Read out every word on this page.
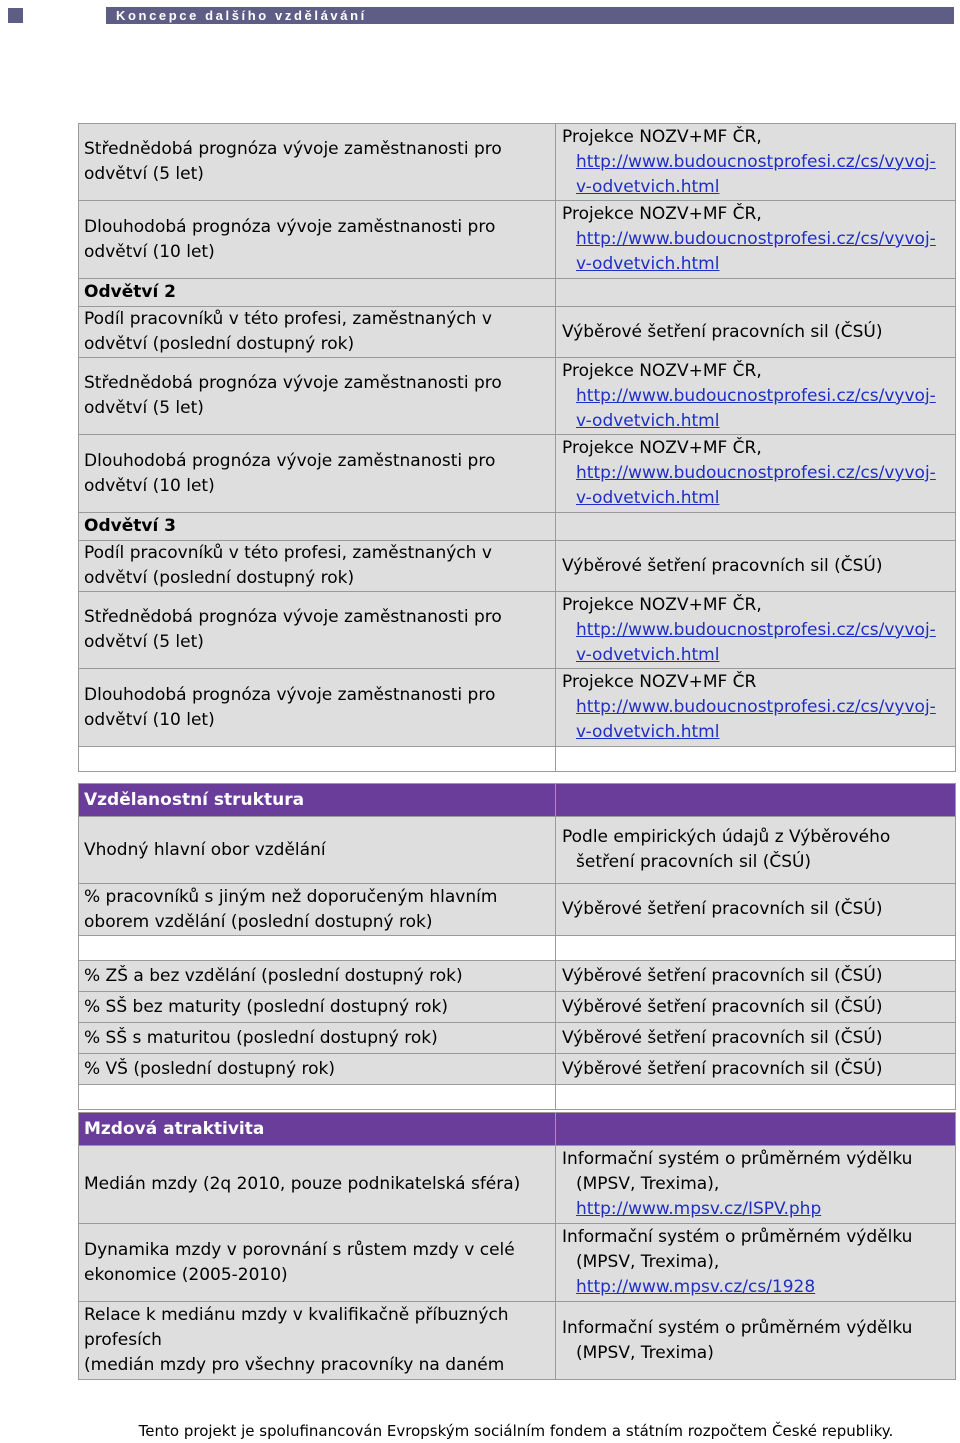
Koncepce dalšího vzdělávání
Střednědobá prognóza vývoje zaměstnanosti pro odvětví (5 let)	Projekce NOZV+MF ČR,
http://www.budoucnostprofesi.cz/cs/vyvoj-v-odvetvich.html
Dlouhodobá prognóza vývoje zaměstnanosti pro odvětví (10 let)	Projekce NOZV+MF ČR,
http://www.budoucnostprofesi.cz/cs/vyvoj-v-odvetvich.html
Odvětví 2	
Podíl pracovníků v této profesi, zaměstnaných v odvětví (poslední dostupný rok)	Výběrové šetření pracovních sil (ČSÚ)
Střednědobá prognóza vývoje zaměstnanosti pro odvětví (5 let)	Projekce NOZV+MF ČR,
http://www.budoucnostprofesi.cz/cs/vyvoj-v-odvetvich.html
Dlouhodobá prognóza vývoje zaměstnanosti pro odvětví (10 let)	Projekce NOZV+MF ČR,
http://www.budoucnostprofesi.cz/cs/vyvoj-v-odvetvich.html
Odvětví 3	
Podíl pracovníků v této profesi, zaměstnaných v odvětví (poslední dostupný rok)	Výběrové šetření pracovních sil (ČSÚ)
Střednědobá prognóza vývoje zaměstnanosti pro odvětví (5 let)	Projekce NOZV+MF ČR,
http://www.budoucnostprofesi.cz/cs/vyvoj-v-odvetvich.html
Dlouhodobá prognóza vývoje zaměstnanosti pro odvětví (10 let)	Projekce NOZV+MF ČR
http://www.budoucnostprofesi.cz/cs/vyvoj-v-odvetvich.html

Vzdělanostní struktura	
Vhodný hlavní obor vzdělání	Podle empirických údajů z Výběrového šetření pracovních sil (ČSÚ)
% pracovníků s jiným než doporučeným hlavním oborem vzdělání (poslední dostupný rok)	Výběrové šetření pracovních sil (ČSÚ)

% ZŠ a bez vzdělání (poslední dostupný rok)	Výběrové šetření pracovních sil (ČSÚ)
% SŠ bez maturity (poslední dostupný rok)	Výběrové šetření pracovních sil (ČSÚ)
% SŠ s maturitou (poslední dostupný rok)	Výběrové šetření pracovních sil (ČSÚ)
% VŠ (poslední dostupný rok)	Výběrové šetření pracovních sil (ČSÚ)

Mzdová atraktivita	
Medián mzdy (2q 2010, pouze podnikatelská sféra)	Informační systém o průměrném výdělku (MPSV, Trexima),
http://www.mpsv.cz/ISPV.php
Dynamika mzdy v porovnání s růstem mzdy v celé ekonomice (2005-2010)	Informační systém o průměrném výdělku (MPSV, Trexima),
http://www.mpsv.cz/cs/1928
Relace k mediánu mzdy v kvalifikačně příbuzných profesích
(medián mzdy pro všechny pracovníky na daném	Informační systém o průměrném výdělku (MPSV, Trexima)
Tento projekt je spolufinancován Evropským sociálním fondem a státním rozpočtem České republiky.
